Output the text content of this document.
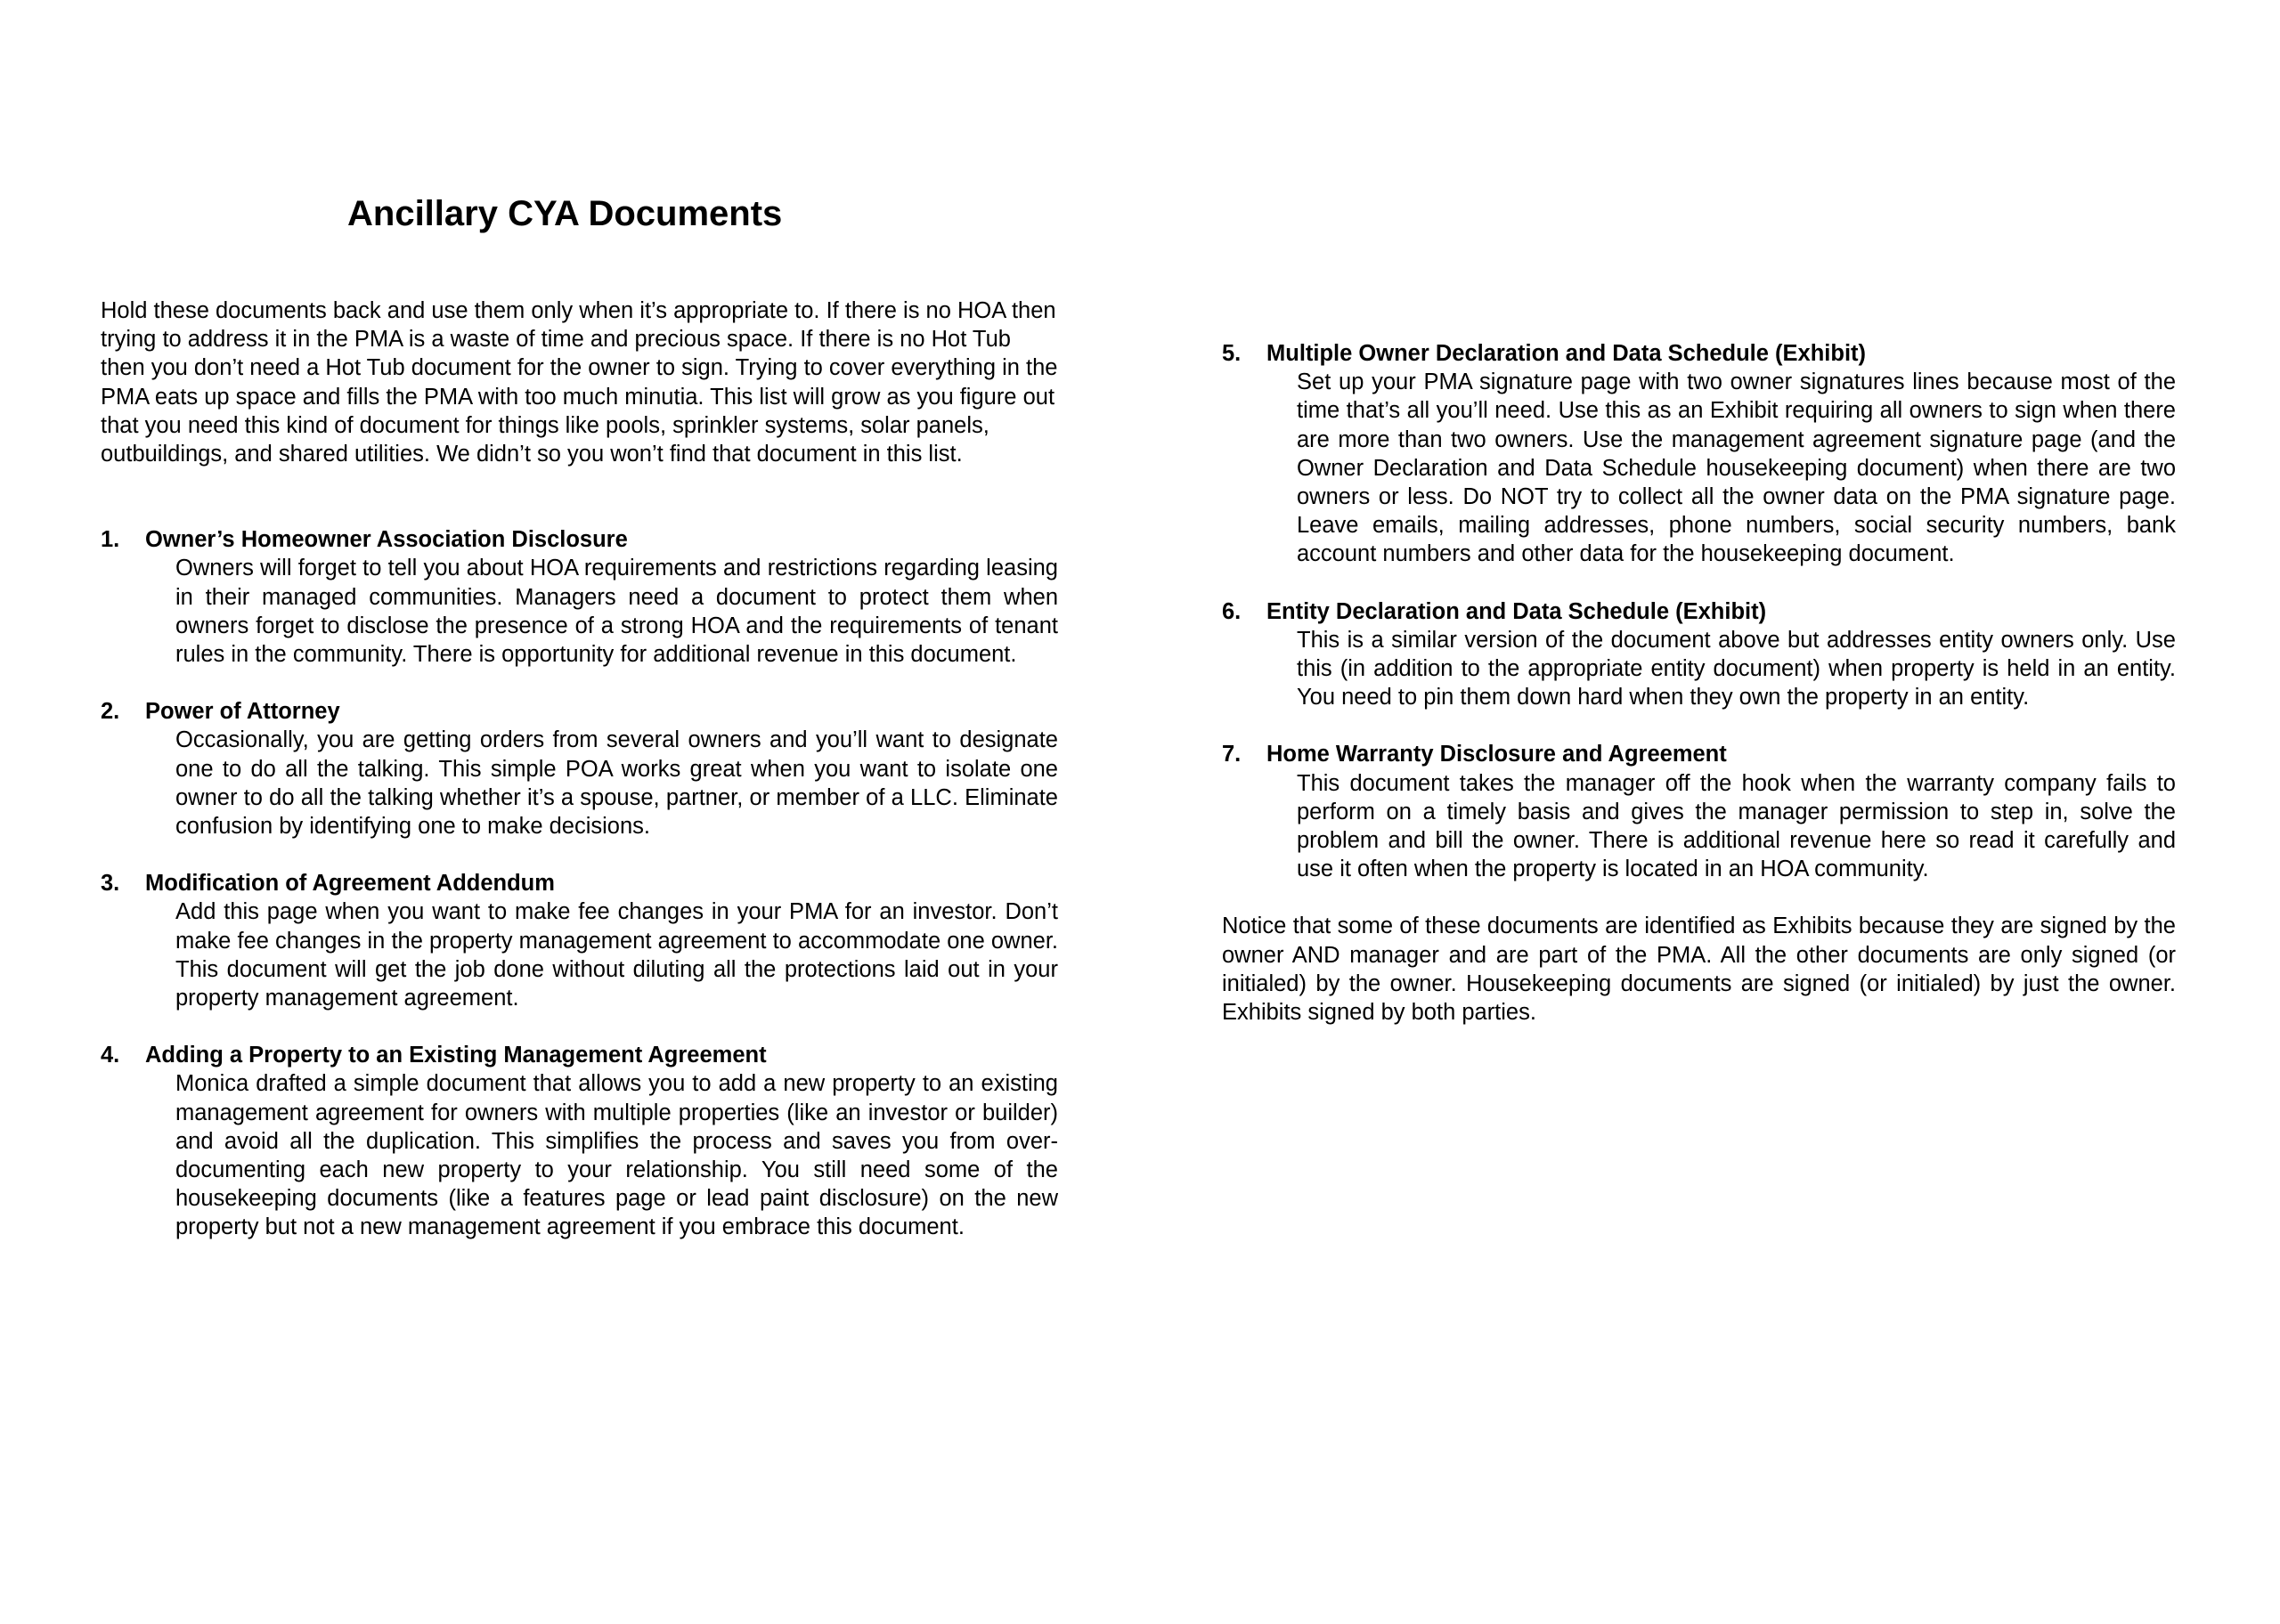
Ancillary CYA Documents

Hold these documents back and use them only when it’s appropriate to. If there is no HOA then trying to address it in the PMA is a waste of time and precious space. If there is no Hot Tub then you don’t need a Hot Tub document for the owner to sign. Trying to cover everything in the PMA eats up space and fills the PMA with too much minutia. This list will grow as you figure out that you need this kind of document for things like pools, sprinkler systems, solar panels, outbuildings, and shared utilities. We didn’t so you won’t find that document in this list.

1.	Owner’s Homeowner Association Disclosure

Owners will forget to tell you about HOA requirements and restrictions regarding leasing in their managed communities. Managers need a document to protect them when owners forget to disclose the presence of a strong HOA and the requirements of tenant rules in the community. There is opportunity for additional revenue in this document.

2.	Power of Attorney

Occasionally, you are getting orders from several owners and you’ll want to designate one to do all the talking. This simple POA works great when you want to isolate one owner to do all the talking whether it’s a spouse, partner, or member of a LLC. Eliminate confusion by identifying one to make decisions.

3.	Modification of Agreement Addendum

Add this page when you want to make fee changes in your PMA for an investor. Don’t make fee changes in the property management agreement to accommodate one owner. This document will get the job done without diluting all the protections laid out in your property management agreement.

4.	Adding a Property to an Existing Management Agreement

Monica drafted a simple document that allows you to add a new property to an existing management agreement for owners with multiple properties (like an investor or builder) and avoid all the duplication. This simplifies the process and saves you from over-documenting each new property to your relationship. You still need some of the housekeeping documents (like a features page or lead paint disclosure) on the new property but not a new management agreement if you embrace this document.

5.	Multiple Owner Declaration and Data Schedule (Exhibit)

Set up your PMA signature page with two owner signatures lines because most of the time that’s all you’ll need. Use this as an Exhibit requiring all owners to sign when there are more than two owners. Use the management agreement signature page (and the Owner Declaration and Data Schedule housekeeping document) when there are two owners or less. Do NOT try to collect all the owner data on the PMA signature page. Leave emails, mailing addresses, phone numbers, social security numbers, bank account numbers and other data for the housekeeping document.

6.	Entity Declaration and Data Schedule (Exhibit)

This is a similar version of the document above but addresses entity owners only. Use this (in addition to the appropriate entity document) when property is held in an entity. You need to pin them down hard when they own the property in an entity.

7.	Home Warranty Disclosure and Agreement

This document takes the manager off the hook when the warranty company fails to perform on a timely basis and gives the manager permission to step in, solve the problem and bill the owner. There is additional revenue here so read it carefully and use it often when the property is located in an HOA community.

Notice that some of these documents are identified as Exhibits because they are signed by the owner AND manager and are part of the PMA. All the other documents are only signed (or initialed) by the owner. Housekeeping documents are signed (or initialed) by just the owner. Exhibits signed by both parties.
